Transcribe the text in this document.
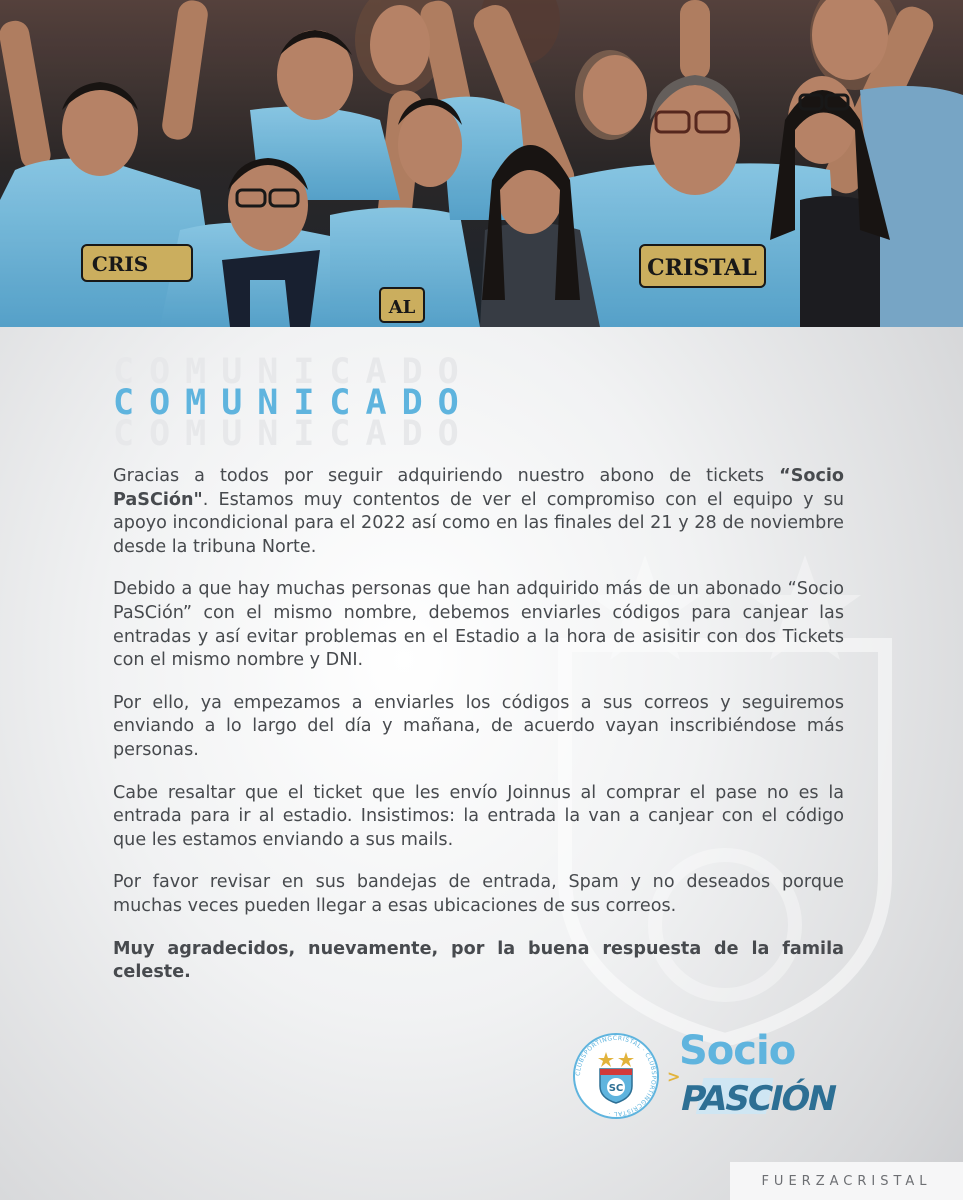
CRISTAL
CRIS
AL
COMUNICADO
COMUNICADO
COMUNICADO

Gracias a todos por seguir adquiriendo nuestro abono de tickets “Socio PaSCión". Estamos muy contentos de ver el compromiso con el equipo y su apoyo incondicional para el 2022 así como en las finales del 21 y 28 de noviembre desde la tribuna Norte.

Debido a que hay muchas personas que han adquirido más de un abonado “Socio PaSCión” con el mismo nombre, debemos enviarles códigos para canjear las entradas y así evitar problemas en el Estadio a la hora de asisitir con dos Tickets con el mismo nombre y DNI.

Por ello, ya empezamos a enviarles los códigos a sus correos y seguiremos enviando a lo largo del día y mañana, de acuerdo vayan inscribiéndose más personas.

Cabe resaltar que el ticket que les envío Joinnus al comprar el pase no es la entrada para ir al estadio. Insistimos: la entrada la van a canjear con el código que les estamos enviando a sus mails.

Por favor revisar en sus bandejas de entrada, Spam y no deseados porque muchas veces pueden llegar a esas ubicaciones de sus correos.

Muy agradecidos, nuevamente, por la buena respuesta de la famila celeste.

CLUBSPORTINGCRISTAL · CLUBSPORTINGCRISTAL ·
SC
Socio
>
PASCIÓN
FUERZACRISTAL
